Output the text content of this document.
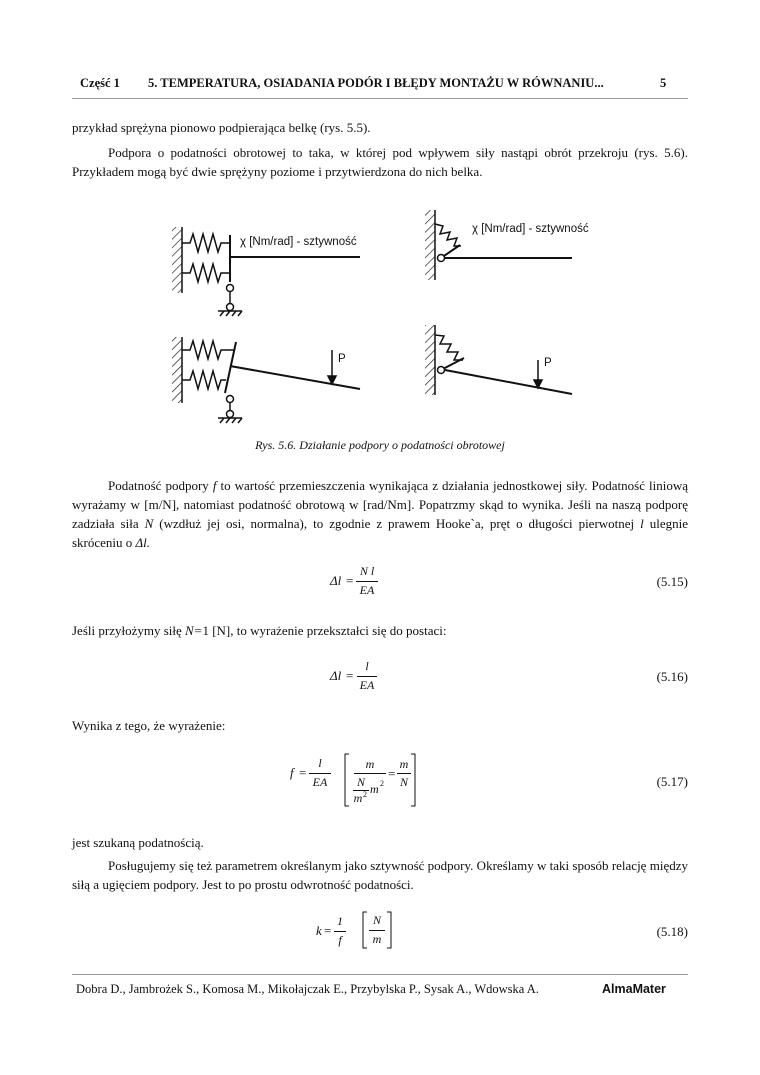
Część 1 5. TEMPERATURA, OSIADANIA PODÓR I BŁĘDY MONTAŻU W RÓWNANIU...	5
przykład sprężyna pionowo podpierająca belkę (rys. 5.5).
Podpora o podatności obrotowej to taka, w której pod wpływem siły nastąpi obrót przekroju (rys. 5.6). Przykładem mogą być dwie sprężyny poziome i przytwierdzona do nich belka.
χ [Nm/rad] - sztywność
χ [Nm/rad] - sztywność
P	P
Rys. 5.6. Działanie podpory o podatności obrotowej
Podatność podpory f to wartość przemieszczenia wynikająca z działania jednostkowej siły. Podatność liniową wyrażamy w [m/N], natomiast podatność obrotową w [rad/Nm]. Popatrzmy skąd to wynika. Jeśli na naszą podporę zadziała siła N (wzdłuż jej osi, normalna), to zgodnie z prawem Hooke`a, pręt o długości pierwotnej l ulegnie skróceniu o Δl.
Δl =
N l
EA
(5.15)
Jeśli przyłożymy siłę N=1 [N], to wyrażenie przekształci się do postaci:
Δl =
l
EA
(5.16)
Wynika z tego, że wyrażenie:
f =
l
EA
m
N
m 2 m 2
=
m
N	(5.17)
jest szukaną podatnością.
Posługujemy się też parametrem określanym jako sztywność podpory. Określamy w taki sposób relację między siłą a ugięciem podpory. Jest to po prostu odwrotność podatności.
k =
1
f
N
m	(5.18)
Dobra D., Jambrożek S., Komosa M., Mikołajczak E., Przybylska P., Sysak A., Wdowska A.	AlmaMater
